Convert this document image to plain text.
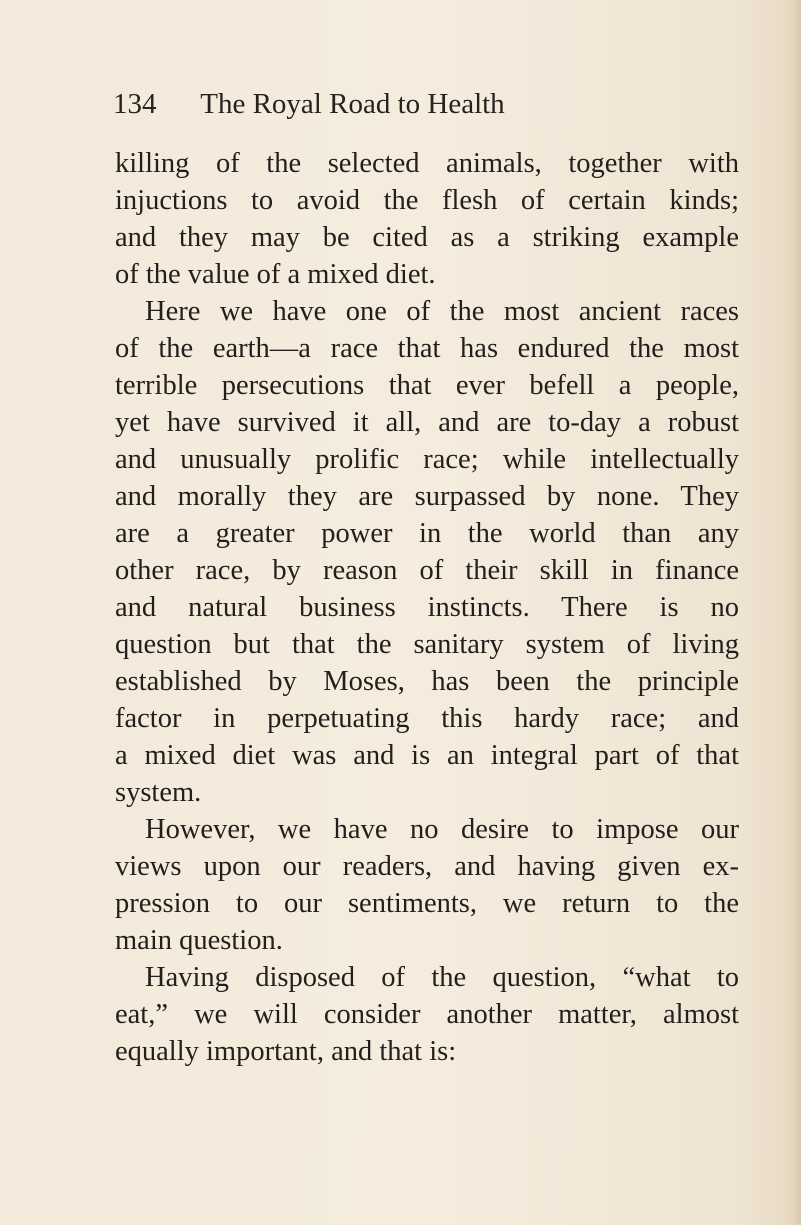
134 The Royal Road to Health
killing of the selected animals, together with
injuctions to avoid the flesh of certain kinds;
and they may be cited as a striking example
of the value of a mixed diet.
Here we have one of the most ancient races
of the earth—a race that has endured the most
terrible persecutions that ever befell a people,
yet have survived it all, and are to-day a robust
and unusually prolific race; while intellectually
and morally they are surpassed by none. They
are a greater power in the world than any
other race, by reason of their skill in finance
and natural business instincts. There is no
question but that the sanitary system of living
established by Moses, has been the principle
factor in perpetuating this hardy race; and
a mixed diet was and is an integral part of that
system.
However, we have no desire to impose our
views upon our readers, and having given ex-
pression to our sentiments, we return to the
main question.
Having disposed of the question, “what to
eat,” we will consider another matter, almost
equally important, and that is:
